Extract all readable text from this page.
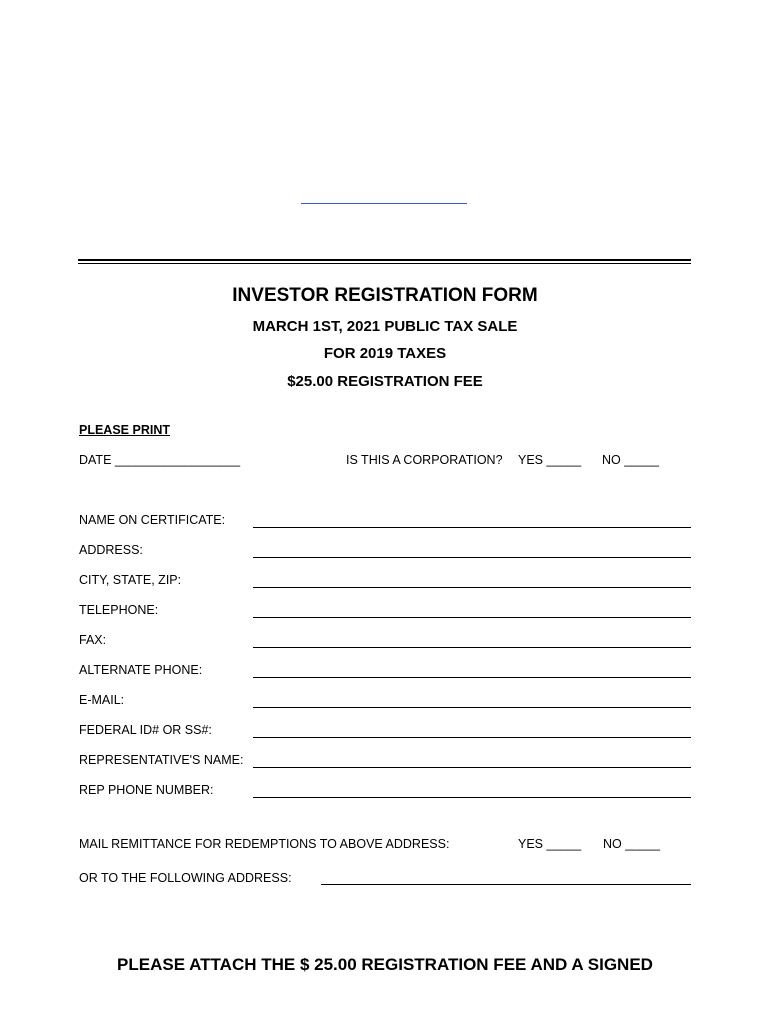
INVESTOR REGISTRATION FORM
MARCH 1ST, 2021 PUBLIC TAX SALE
FOR 2019 TAXES
$25.00 REGISTRATION FEE
PLEASE PRINT
DATE __________________	IS THIS A CORPORATION? YES _____ NO _____
NAME ON CERTIFICATE:
ADDRESS:
CITY, STATE, ZIP:
TELEPHONE:
FAX:
ALTERNATE PHONE:
E-MAIL:
FEDERAL ID# OR SS#:
REPRESENTATIVE'S NAME:
REP PHONE NUMBER:
MAIL REMITTANCE FOR REDEMPTIONS TO ABOVE ADDRESS:	YES _____ NO _____
OR TO THE FOLLOWING ADDRESS:
PLEASE ATTACH THE $ 25.00 REGISTRATION FEE AND A SIGNED
